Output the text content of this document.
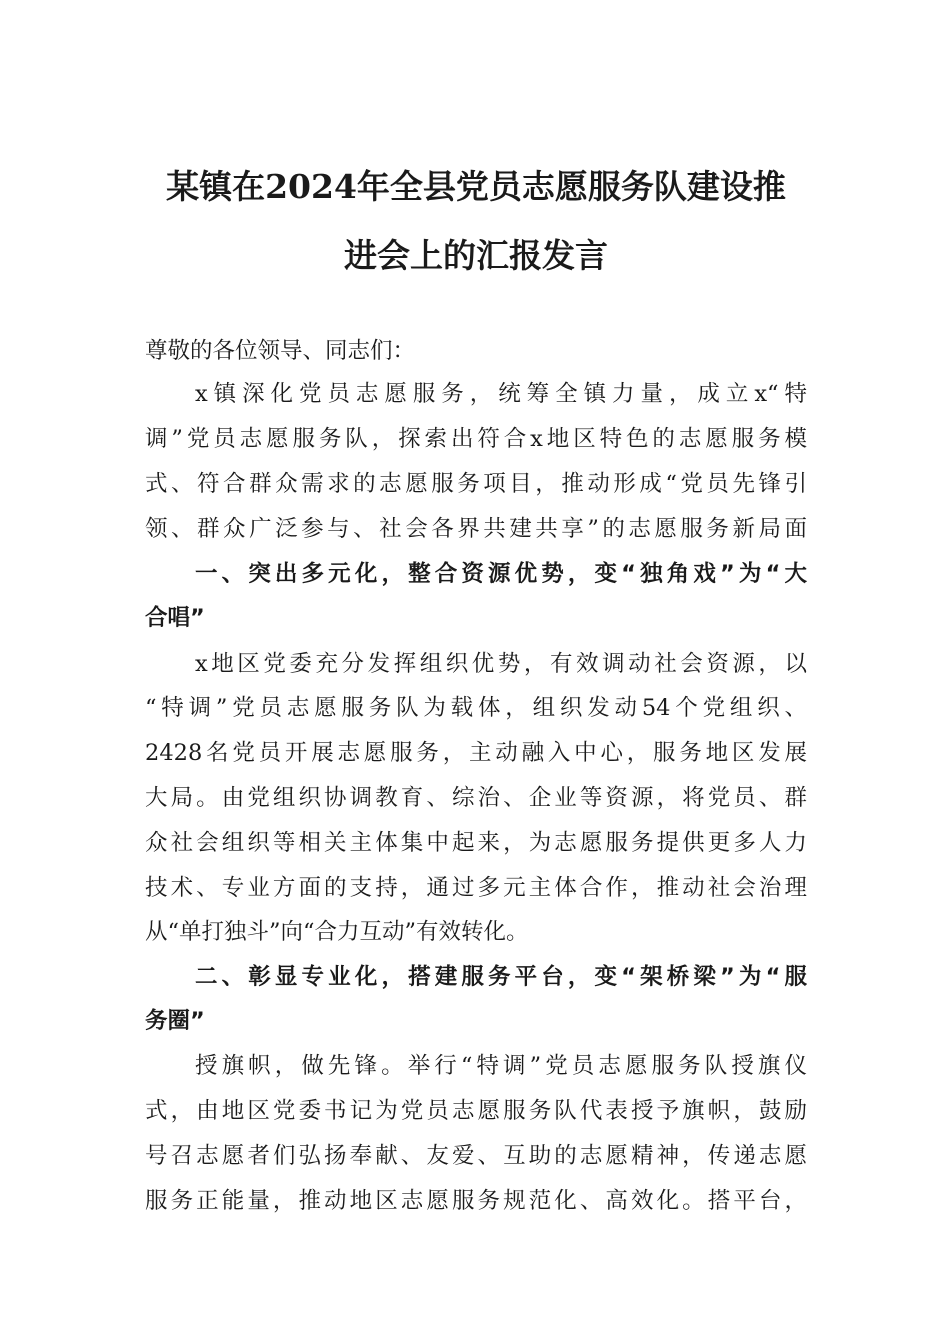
某镇在2024年全县党员志愿服务队建设推
进会上的汇报发言
尊敬的各位领导、同志们：
x镇深化党员志愿服务，统筹全镇力量，成立x“特
调”党员志愿服务队，探索出符合x地区特色的志愿服务模
式、符合群众需求的志愿服务项目，推动形成“党员先锋引
领、群众广泛参与、社会各界共建共享”的志愿服务新局面
一、突出多元化，整合资源优势，变“独角戏”为“大
合唱”
x地区党委充分发挥组织优势，有效调动社会资源，以
“特调”党员志愿服务队为载体，组织发动54个党组织、
2428名党员开展志愿服务，主动融入中心，服务地区发展
大局。由党组织协调教育、综治、企业等资源，将党员、群
众社会组织等相关主体集中起来，为志愿服务提供更多人力
技术、专业方面的支持，通过多元主体合作，推动社会治理
从“单打独斗”向“合力互动”有效转化。
二、彰显专业化，搭建服务平台，变“架桥梁”为“服
务圈”
授旗帜，做先锋。举行“特调”党员志愿服务队授旗仪
式，由地区党委书记为党员志愿服务队代表授予旗帜，鼓励
号召志愿者们弘扬奉献、友爱、互助的志愿精神，传递志愿
服务正能量，推动地区志愿服务规范化、高效化。搭平台，
